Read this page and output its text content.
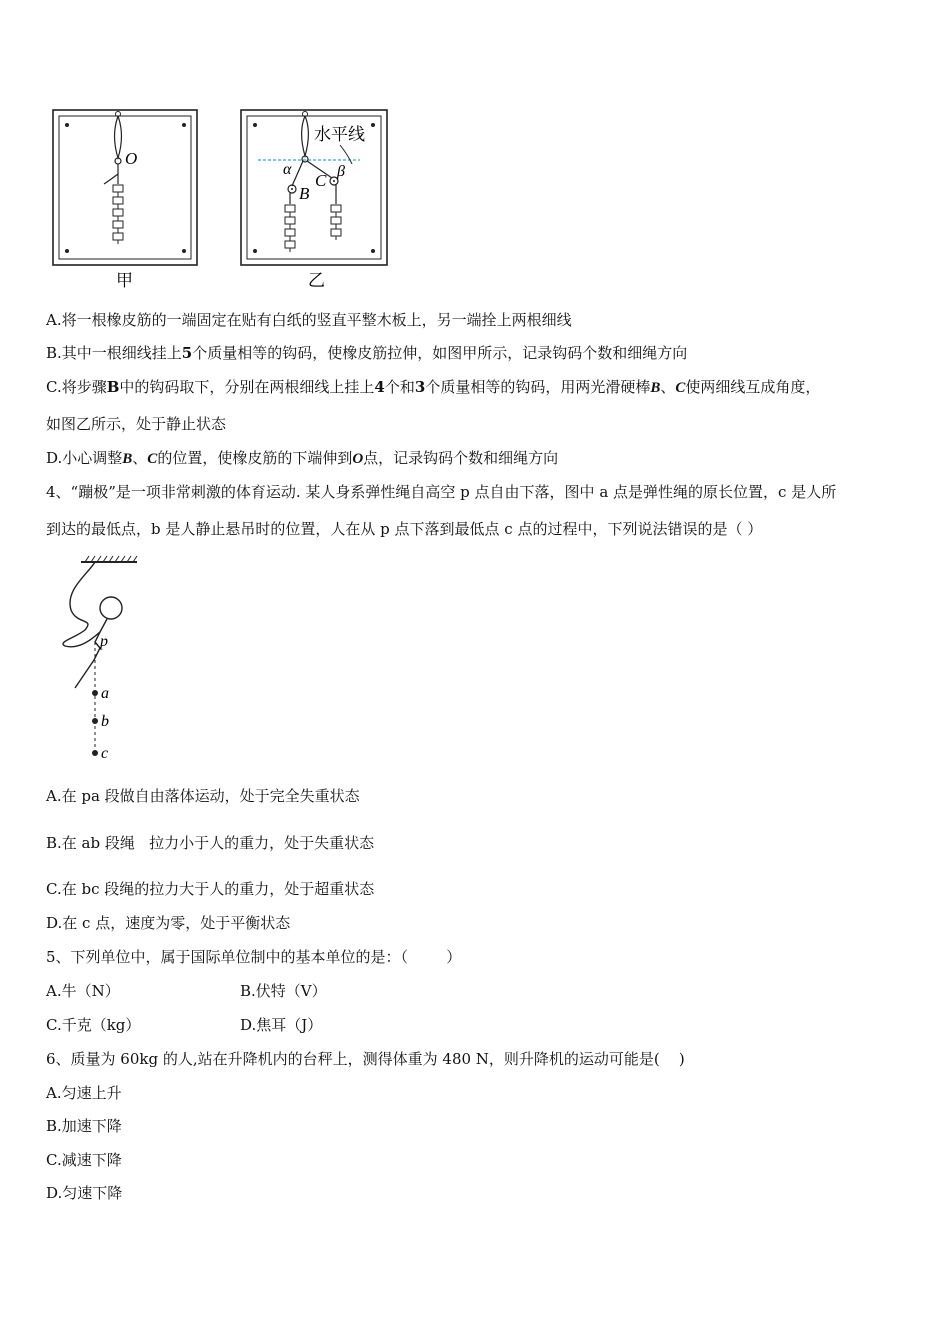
O
甲
水平线
α	β
C
B
乙
A.将一根橡皮筋的一端固定在贴有白纸的竖直平整木板上，另一端拴上两根细线
B.其中一根细线挂上5个质量相等的钩码，使橡皮筋拉伸，如图甲所示，记录钩码个数和细绳方向
C.将步骤B中的钩码取下，分别在两根细线上挂上4个和3个质量相等的钩码，用两光滑硬棒B、C使两细线互成角度，
如图乙所示，处于静止状态
D.小心调整B、C的位置，使橡皮筋的下端伸到O点，记录钩码个数和细绳方向
4、“蹦极”是一项非常刺激的体育运动. 某人身系弹性绳自高空 p 点自由下落，图中 a 点是弹性绳的原长位置，c 是人所
到达的最低点，b 是人静止悬吊时的位置，人在从 p 点下落到最低点 c 点的过程中，下列说法错误的是（ ）
p
a
b
c
A.在 pa 段做自由落体运动，处于完全失重状态
B.在 ab 段绳   拉力小于人的重力，处于失重状态
C.在 bc 段绳的拉力大于人的重力，处于超重状态
D.在 c 点，速度为零，处于平衡状态
5、下列单位中，属于国际单位制中的基本单位的是：（        ）
A.牛（N）	B.伏特（V）
C.千克（kg）	D.焦耳（J）
6、质量为 60kg 的人,站在升降机内的台秤上，测得体重为 480 N，则升降机的运动可能是(    )
A.匀速上升
B.加速下降
C.减速下降
D.匀速下降
